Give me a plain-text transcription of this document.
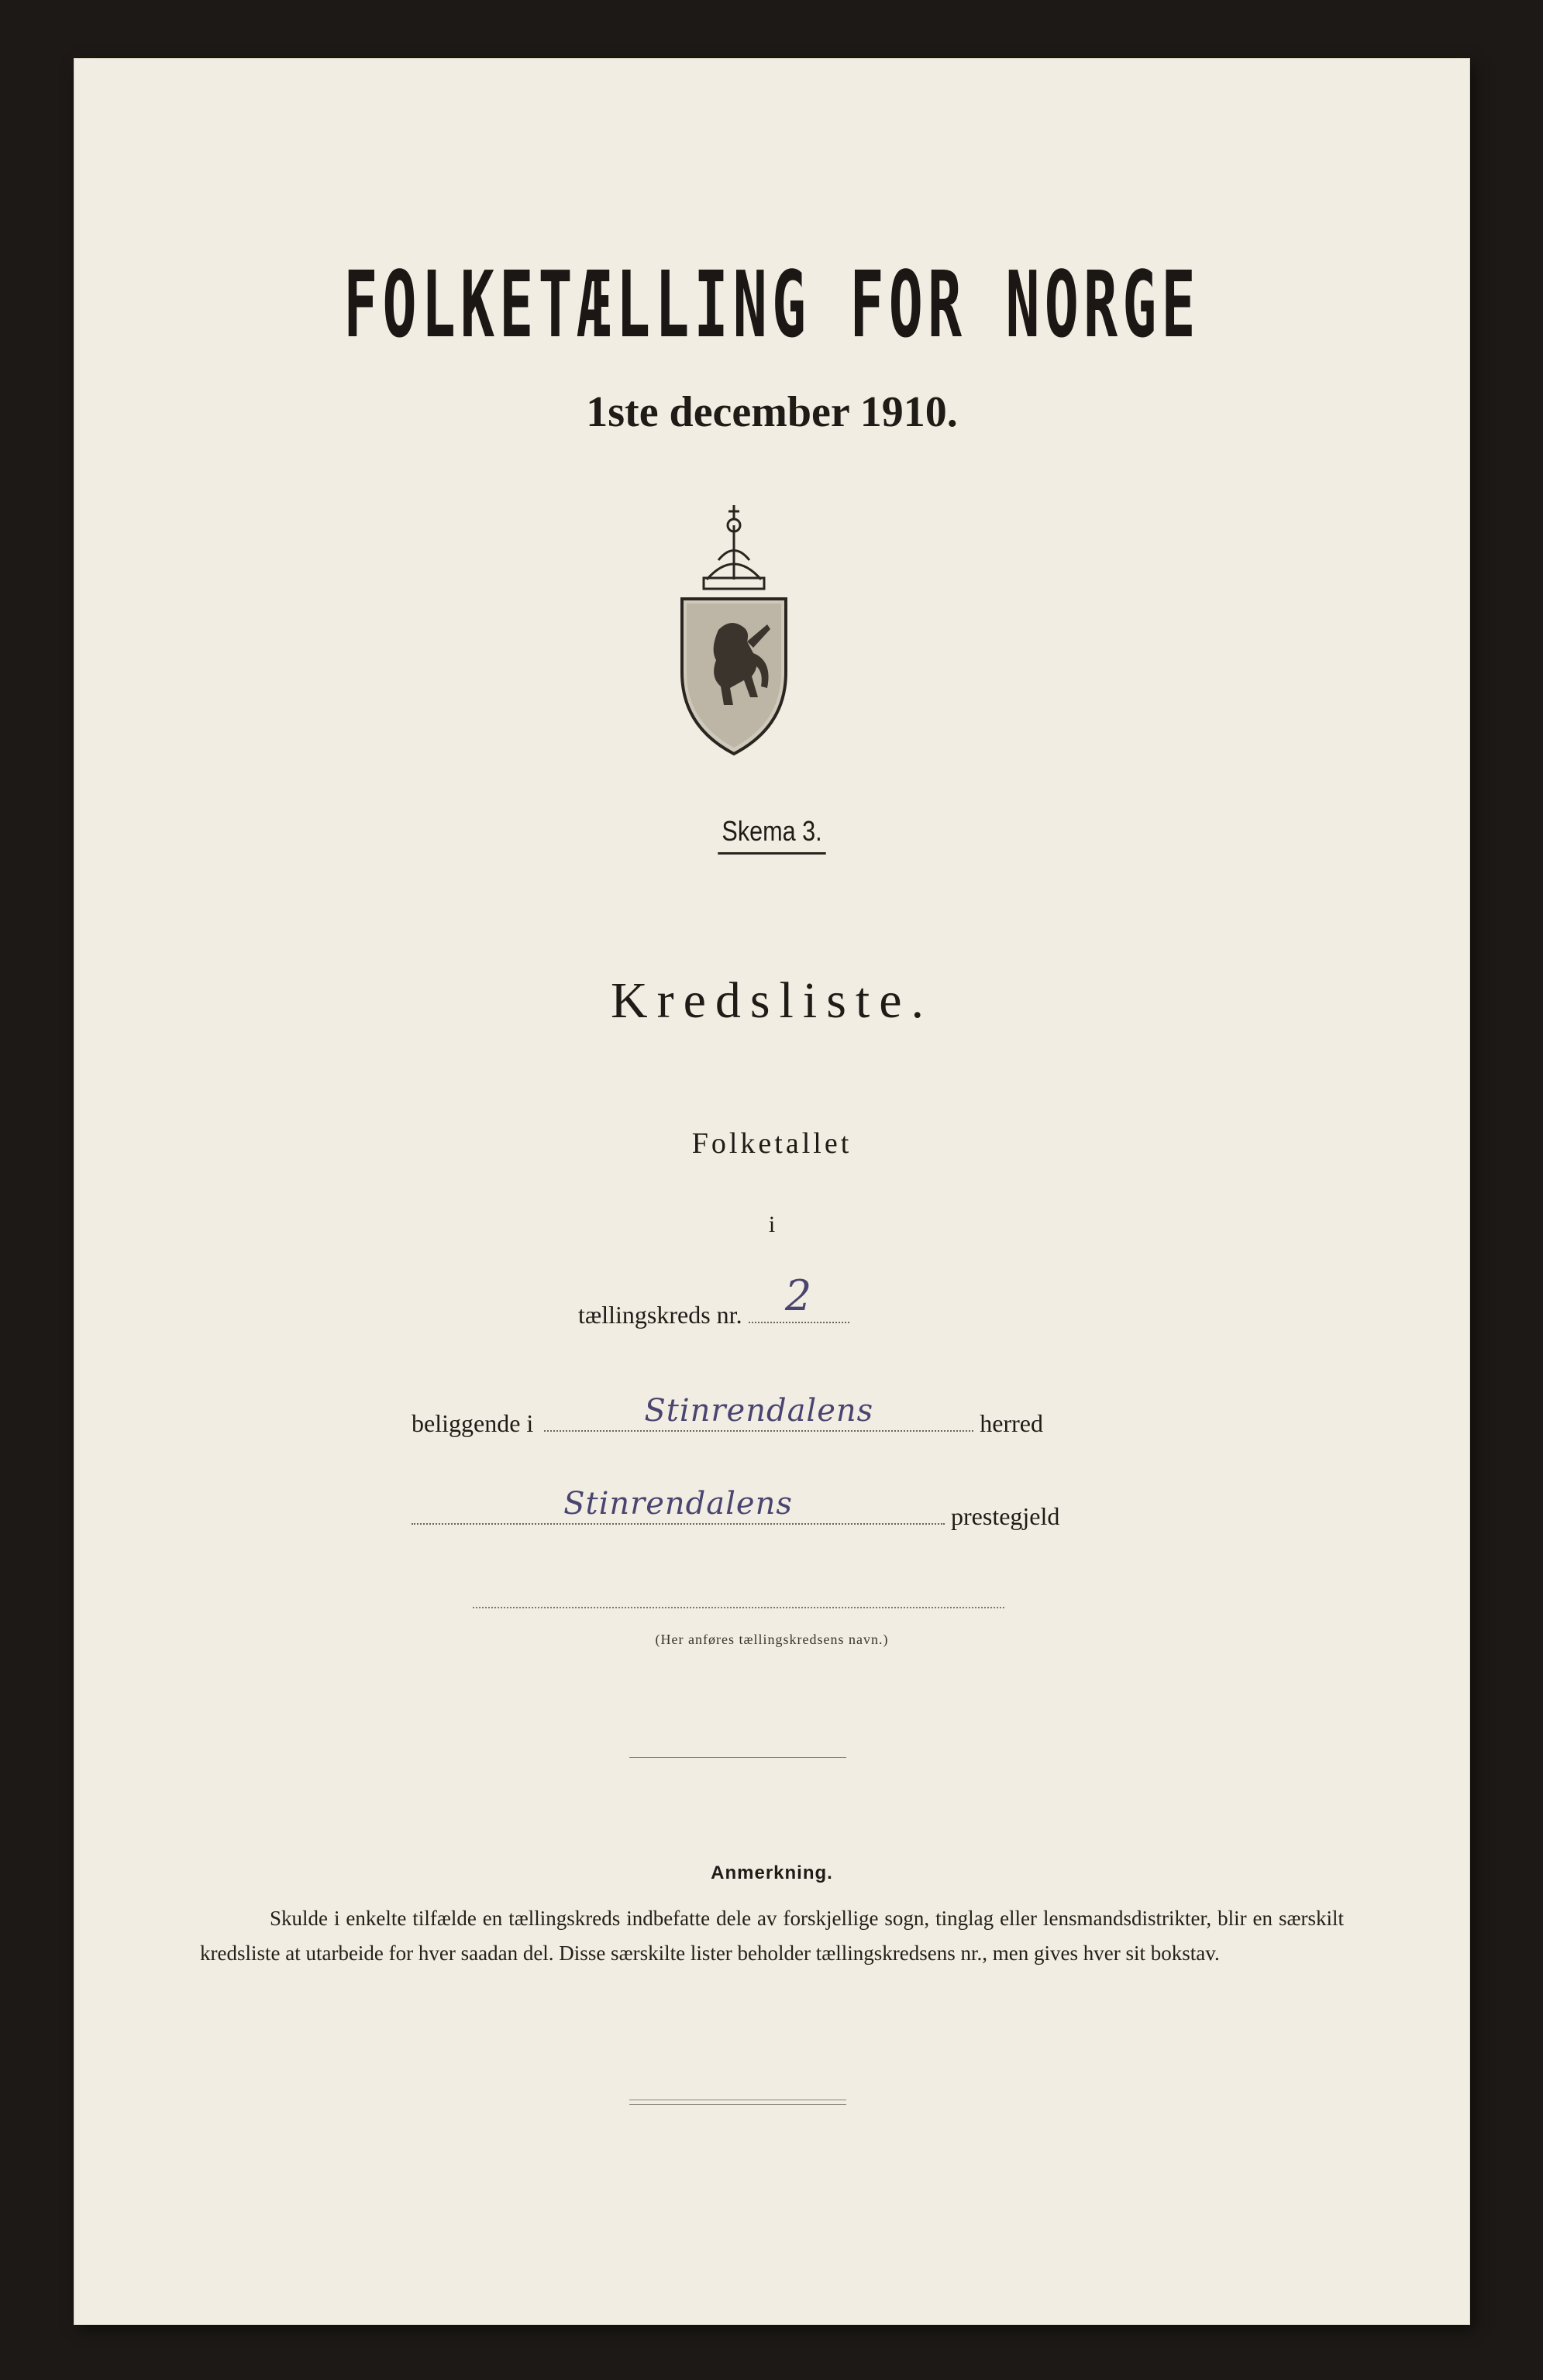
FOLKETÆLLING FOR NORGE
1ste december 1910.
Skema 3.
Kredsliste.
Folketallet
i
tællingskreds nr.	2
beliggende i	Stinrendalens	herred
Stinrendalens	prestegjeld
(Her anføres tællingskredsens navn.)
Anmerkning.
Skulde i enkelte tilfælde en tællingskreds indbefatte dele av forskjellige sogn, tinglag eller lensmandsdistrikter, blir en særskilt kredsliste at utarbeide for hver saadan del. Disse særskilte lister beholder tællingskredsens nr., men gives hver sit bokstav.
